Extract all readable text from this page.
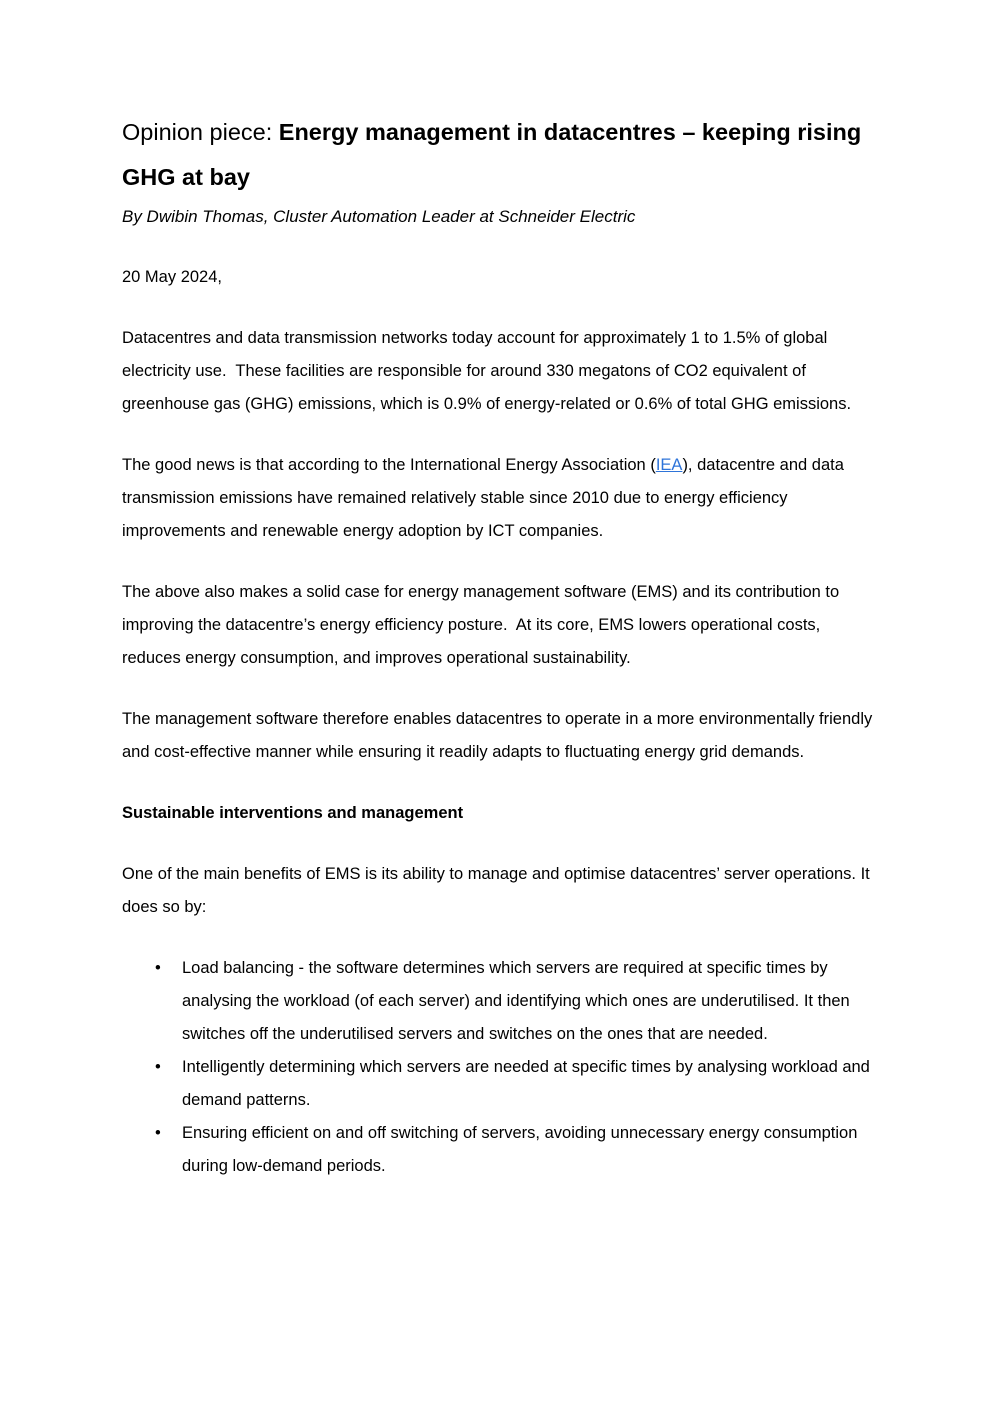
Opinion piece: Energy management in datacentres – keeping rising GHG at bay

By Dwibin Thomas, Cluster Automation Leader at Schneider Electric

20 May 2024,

Datacentres and data transmission networks today account for approximately 1 to 1.5% of global electricity use.  These facilities are responsible for around 330 megatons of CO2 equivalent of greenhouse gas (GHG) emissions, which is 0.9% of energy-related or 0.6% of total GHG emissions.

The good news is that according to the International Energy Association (IEA), datacentre and data transmission emissions have remained relatively stable since 2010 due to energy efficiency improvements and renewable energy adoption by ICT companies.

The above also makes a solid case for energy management software (EMS) and its contribution to improving the datacentre’s energy efficiency posture.  At its core, EMS lowers operational costs, reduces energy consumption, and improves operational sustainability.

The management software therefore enables datacentres to operate in a more environmentally friendly and cost-effective manner while ensuring it readily adapts to fluctuating energy grid demands.

Sustainable interventions and management

One of the main benefits of EMS is its ability to manage and optimise datacentres’ server operations. It does so by:

• Load balancing - the software determines which servers are required at specific times by analysing the workload (of each server) and identifying which ones are underutilised. It then switches off the underutilised servers and switches on the ones that are needed.
• Intelligently determining which servers are needed at specific times by analysing workload and demand patterns.
• Ensuring efficient on and off switching of servers, avoiding unnecessary energy consumption during low-demand periods.
